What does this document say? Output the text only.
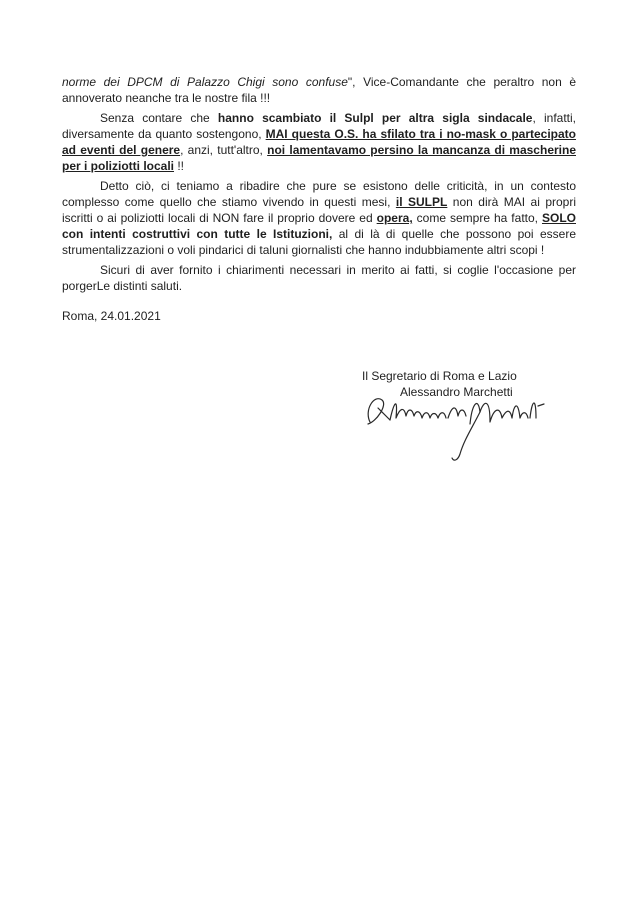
norme dei DPCM di Palazzo Chigi sono confuse", Vice-Comandante che peraltro non è annoverato neanche tra le nostre fila !!!

Senza contare che hanno scambiato il Sulpl per altra sigla sindacale, infatti, diversamente da quanto sostengono, MAI questa O.S. ha sfilato tra i no-mask o partecipato ad eventi del genere, anzi, tutt'altro, noi lamentavamo persino la mancanza di mascherine per i poliziotti locali !!

Detto ciò, ci teniamo a ribadire che pure se esistono delle criticità, in un contesto complesso come quello che stiamo vivendo in questi mesi, il SULPL non dirà MAI ai propri iscritti o ai poliziotti locali di NON fare il proprio dovere ed opera, come sempre ha fatto, SOLO con intenti costruttivi con tutte le Istituzioni, al di là di quelle che possono poi essere strumentalizzazioni o voli pindarici di taluni giornalisti che hanno indubbiamente altri scopi !

Sicuri di aver fornito i chiarimenti necessari in merito ai fatti, si coglie l'occasione per porgerLe distinti saluti.

Roma, 24.01.2021
Il Segretario di Roma e Lazio
Alessandro Marchetti
